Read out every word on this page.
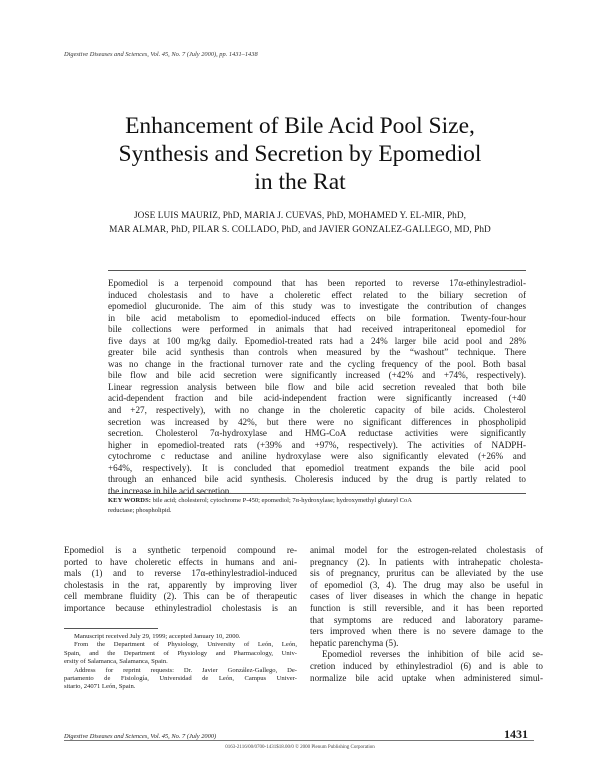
Digestive Diseases and Sciences, Vol. 45, No. 7 (July 2000), pp. 1431–1438
Enhancement of Bile Acid Pool Size,
Synthesis and Secretion by Epomediol
in the Rat
JOSE LUIS MAURIZ, PhD, MARIA J. CUEVAS, PhD, MOHAMED Y. EL-MIR, PhD,
MAR ALMAR, PhD, PILAR S. COLLADO, PhD, and JAVIER GONZALEZ-GALLEGO, MD, PhD
Epomediol is a terpenoid compound that has been reported to reverse 17α-ethinylestradiol-
induced cholestasis and to have a choleretic effect related to the biliary secretion of
epomediol glucuronide. The aim of this study was to investigate the contribution of changes
in bile acid metabolism to epomediol-induced effects on bile formation. Twenty-four-hour
bile collections were performed in animals that had received intraperitoneal epomediol for
five days at 100 mg/kg daily. Epomediol-treated rats had a 24% larger bile acid pool and 28%
greater bile acid synthesis than controls when measured by the “washout” technique. There
was no change in the fractional turnover rate and the cycling frequency of the pool. Both basal
bile flow and bile acid secretion were significantly increased (+42% and +74%, respectively).
Linear regression analysis between bile flow and bile acid secretion revealed that both bile
acid-dependent fraction and bile acid-independent fraction were significantly increased (+40
and +27, respectively), with no change in the choleretic capacity of bile acids. Cholesterol
secretion was increased by 42%, but there were no significant differences in phospholipid
secretion. Cholesterol 7α-hydroxylase and HMG-CoA reductase activities were significantly
higher in epomediol-treated rats (+39% and +97%, respectively). The activities of NADPH-
cytochrome c reductase and aniline hydroxylase were also significantly elevated (+26% and
+64%, respectively). It is concluded that epomediol treatment expands the bile acid pool
through an enhanced bile acid synthesis. Choleresis induced by the drug is partly related to
the increase in bile acid secretion.
KEY WORDS: bile acid; cholesterol; cytochrome P-450; epomediol; 7α-hydroxylase; hydroxymethyl glutaryl CoA
reductase; phospholipid.
Epomediol is a synthetic terpenoid compound re-
ported to have choleretic effects in humans and ani-
mals (1) and to reverse 17α-ethinylestradiol-induced
cholestasis in the rat, apparently by improving liver
cell membrane fluidity (2). This can be of therapeutic
importance because ethinylestradiol cholestasis is an
Manuscript received July 29, 1999; accepted January 10, 2000.
From the Department of Physiology, University of León, León,
Spain, and the Department of Physiology and Pharmacology, Univ-
ersity of Salamanca, Salamanca, Spain.
Address for reprint requests: Dr. Javier González-Gallego, De-
partamento de Fisiología, Universidad de León, Campus Univer-
sitario, 24071 León, Spain.
animal model for the estrogen-related cholestasis of
pregnancy (2). In patients with intrahepatic cholesta-
sis of pregnancy, pruritus can be alleviated by the use
of epomediol (3, 4). The drug may also be useful in
cases of liver diseases in which the change in hepatic
function is still reversible, and it has been reported
that symptoms are reduced and laboratory parame-
ters improved when there is no severe damage to the
hepatic parenchyma (5).
Epomediol reverses the inhibition of bile acid se-
cretion induced by ethinylestradiol (6) and is able to
normalize bile acid uptake when administered simul-
Digestive Diseases and Sciences, Vol. 45, No. 7 (July 2000)	1431
0163-2116/00/0700-1431$18.00/0 © 2000 Plenum Publishing Corporation
